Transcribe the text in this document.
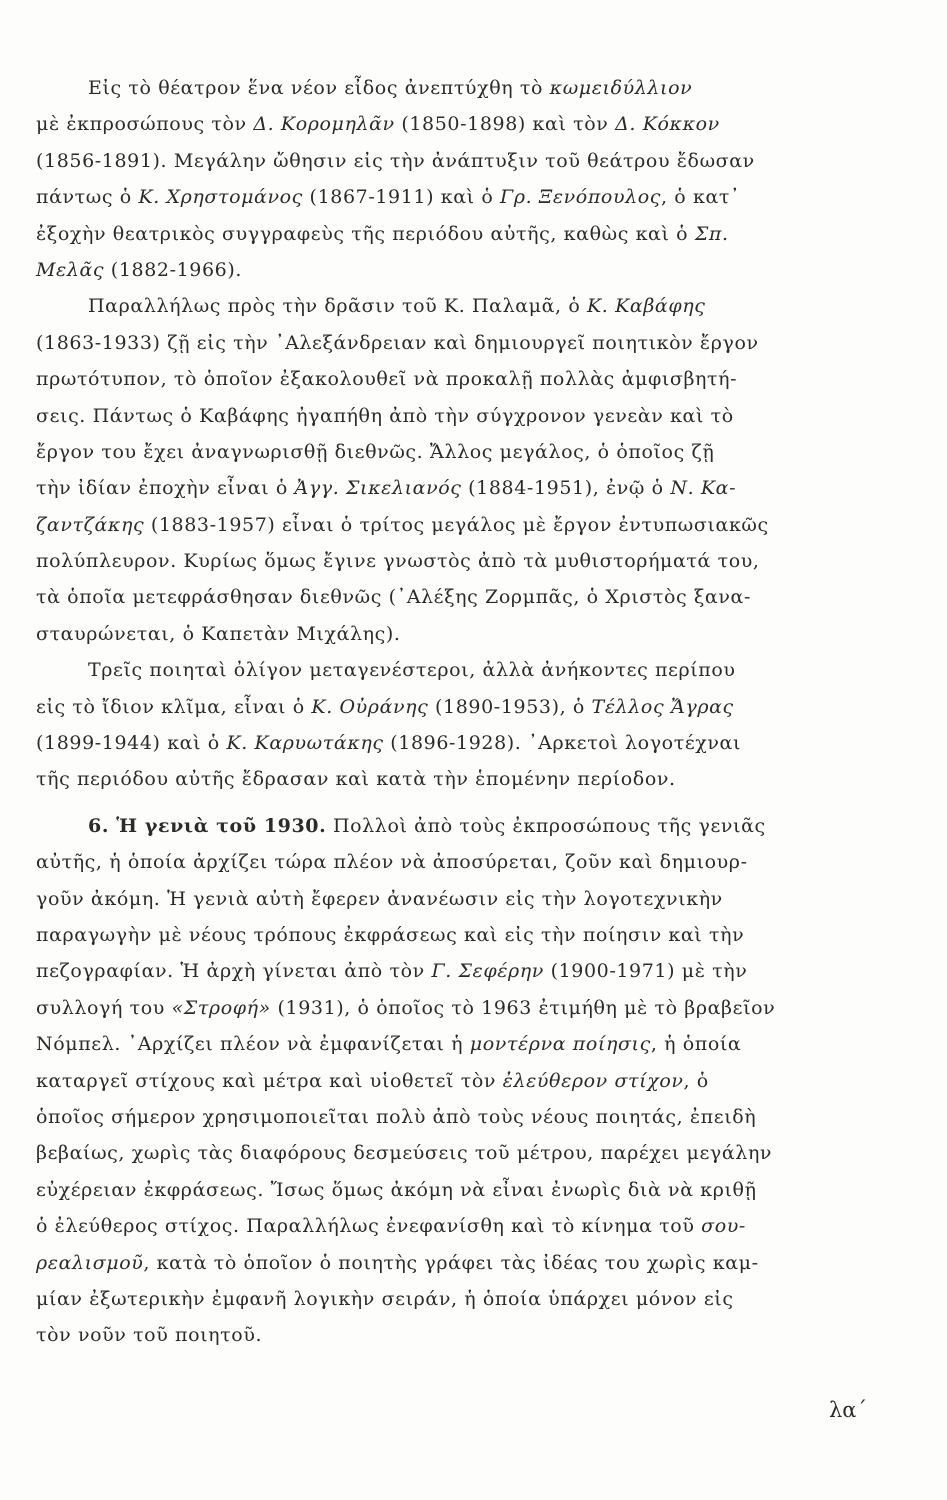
Εἰς τὸ θέατρον ἕνα νέον εἶδος ἀνεπτύχθη τὸ κωμειδύλλιον
μὲ ἐκπροσώπους τὸν Δ. Κορομηλᾶν (1850-1898) καὶ τὸν Δ. Κόκκον
(1856-1891). Μεγάλην ὤθησιν εἰς τὴν ἀνάπτυξιν τοῦ θεάτρου ἔδωσαν
πάντως ὁ Κ. Χρηστομάνος (1867-1911) καὶ ὁ Γρ. Ξενόπουλος, ὁ κατ᾽
ἐξοχὴν θεατρικὸς συγγραφεὺς τῆς περιόδου αὐτῆς, καθὼς καὶ ὁ Σπ.
Μελᾶς (1882-1966).
Παραλλήλως πρὸς τὴν δρᾶσιν τοῦ Κ. Παλαμᾶ, ὁ Κ. Καβάφης
(1863-1933) ζῇ εἰς τὴν ᾿Αλεξάνδρειαν καὶ δημιουργεῖ ποιητικὸν ἔργον
πρωτότυπον, τὸ ὁποῖον ἐξακολουθεῖ νὰ προκαλῇ πολλὰς ἀμφισβητή-
σεις. Πάντως ὁ Καβάφης ἠγαπήθη ἀπὸ τὴν σύγχρονον γενεὰν καὶ τὸ
ἔργον του ἔχει ἀναγνωρισθῇ διεθνῶς. Ἄλλος μεγάλος, ὁ ὁποῖος ζῇ
τὴν ἰδίαν ἐποχὴν εἶναι ὁ Ἀγγ. Σικελιανός (1884-1951), ἐνῷ ὁ Ν. Κα-
ζαντζάκης (1883-1957) εἶναι ὁ τρίτος μεγάλος μὲ ἔργον ἐντυπωσιακῶς
πολύπλευρον. Κυρίως ὅμως ἔγινε γνωστὸς ἀπὸ τὰ μυθιστορήματά του,
τὰ ὁποῖα μετεφράσθησαν διεθνῶς (᾿Αλέξης Ζορμπᾶς, ὁ Χριστὸς ξανα-
σταυρώνεται, ὁ Καπετὰν Μιχάλης).
Τρεῖς ποιηταὶ ὀλίγον μεταγενέστεροι, ἀλλὰ ἀνήκοντες περίπου
εἰς τὸ ἴδιον κλῖμα, εἶναι ὁ Κ. Οὐράνης (1890-1953), ὁ Τέλλος Ἄγρας
(1899-1944) καὶ ὁ Κ. Καρυωτάκης (1896-1928). ᾿Αρκετοὶ λογοτέχναι
τῆς περιόδου αὐτῆς ἔδρασαν καὶ κατὰ τὴν ἑπομένην περίοδον.
6. Ἡ γενιὰ τοῦ 1930. Πολλοὶ ἀπὸ τοὺς ἐκπροσώπους τῆς γενιᾶς
αὐτῆς, ἡ ὁποία ἀρχίζει τώρα πλέον νὰ ἀποσύρεται, ζοῦν καὶ δημιουρ-
γοῦν ἀκόμη. Ἡ γενιὰ αὐτὴ ἔφερεν ἀνανέωσιν εἰς τὴν λογοτεχνικὴν
παραγωγὴν μὲ νέους τρόπους ἐκφράσεως καὶ εἰς τὴν ποίησιν καὶ τὴν
πεζογραφίαν. Ἡ ἀρχὴ γίνεται ἀπὸ τὸν Γ. Σεφέρην (1900-1971) μὲ τὴν
συλλογή του «Στροφή» (1931), ὁ ὁποῖος τὸ 1963 ἐτιμήθη μὲ τὸ βραβεῖον
Νόμπελ. ᾿Αρχίζει πλέον νὰ ἐμφανίζεται ἡ μοντέρνα ποίησις, ἡ ὁποία
καταργεῖ στίχους καὶ μέτρα καὶ υἱοθετεῖ τὸν ἐλεύθερον στίχον, ὁ
ὁποῖος σήμερον χρησιμοποιεῖται πολὺ ἀπὸ τοὺς νέους ποιητάς, ἐπειδὴ
βεβαίως, χωρὶς τὰς διαφόρους δεσμεύσεις τοῦ μέτρου, παρέχει μεγάλην
εὐχέρειαν ἐκφράσεως. Ἴσως ὅμως ἀκόμη νὰ εἶναι ἐνωρὶς διὰ νὰ κριθῇ
ὁ ἐλεύθερος στίχος. Παραλλήλως ἐνεφανίσθη καὶ τὸ κίνημα τοῦ σου-
ρεαλισμοῦ, κατὰ τὸ ὁποῖον ὁ ποιητὴς γράφει τὰς ἰδέας του χωρὶς καμ-
μίαν ἐξωτερικὴν ἐμφανῆ λογικὴν σειράν, ἡ ὁποία ὑπάρχει μόνον εἰς
τὸν νοῦν τοῦ ποιητοῦ.
λα΄
